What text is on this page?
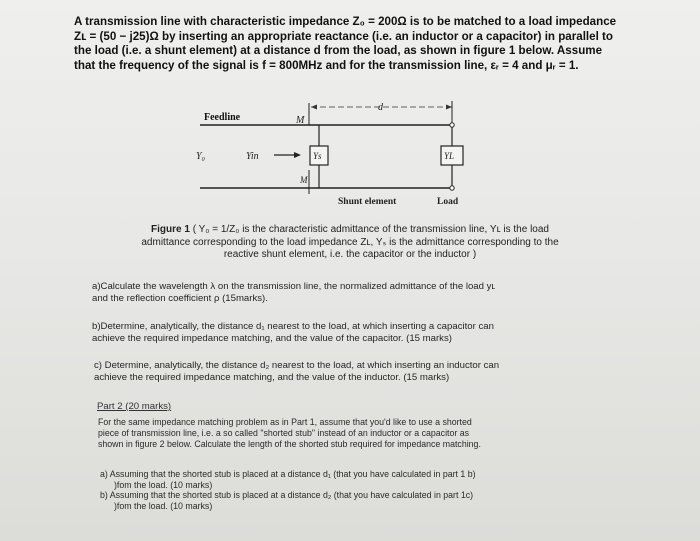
A transmission line with characteristic impedance Z₀ = 200Ω is to be matched to a load impedance

Zʟ = (50 − j25)Ω by inserting an appropriate reactance (i.e. an inductor or a capacitor) in parallel to

the load (i.e. a shunt element) at a distance d from the load, as shown in figure 1 below. Assume

that the frequency of the signal is f = 800MHz and for the transmission line, εᵣ = 4 and μᵣ = 1.

Feedline	M
d
Ys
M'
Y₀	Yin	YL
Shunt element	Load

Figure 1 ( Y₀ = 1/Z₀ is the characteristic admittance of the transmission line, Yʟ is the load

admittance corresponding to the load impedance Zʟ, Yₛ is the admittance corresponding to the

reactive shunt element, i.e. the capacitor or the inductor )

a)Calculate the wavelength λ on the transmission line, the normalized admittance of the load yʟ

and the reflection coefficient ρ (15marks).

b)Determine, analytically, the distance d₁ nearest to the load, at which inserting a capacitor can

achieve the required impedance matching, and the value of the capacitor. (15 marks)

c) Determine, analytically, the distance d₂ nearest to the load, at which inserting an inductor can

achieve the required impedance matching, and the value of the inductor. (15 marks)

Part 2 (20 marks)

For the same impedance matching problem as in Part 1, assume that you'd like to use a shorted

piece of transmission line, i.e. a so called "shorted stub" instead of an inductor or a capacitor as

shown in figure 2 below. Calculate the length of the shorted stub required for impedance matching.

a) Assuming that the shorted stub is placed at a distance d₁ (that you have calculated in part 1 b)

)fom the load. (10 marks)

b) Assuming that the shorted stub is placed at a distance d₂ (that you have calculated in part 1c)

)fom the load. (10 marks)
